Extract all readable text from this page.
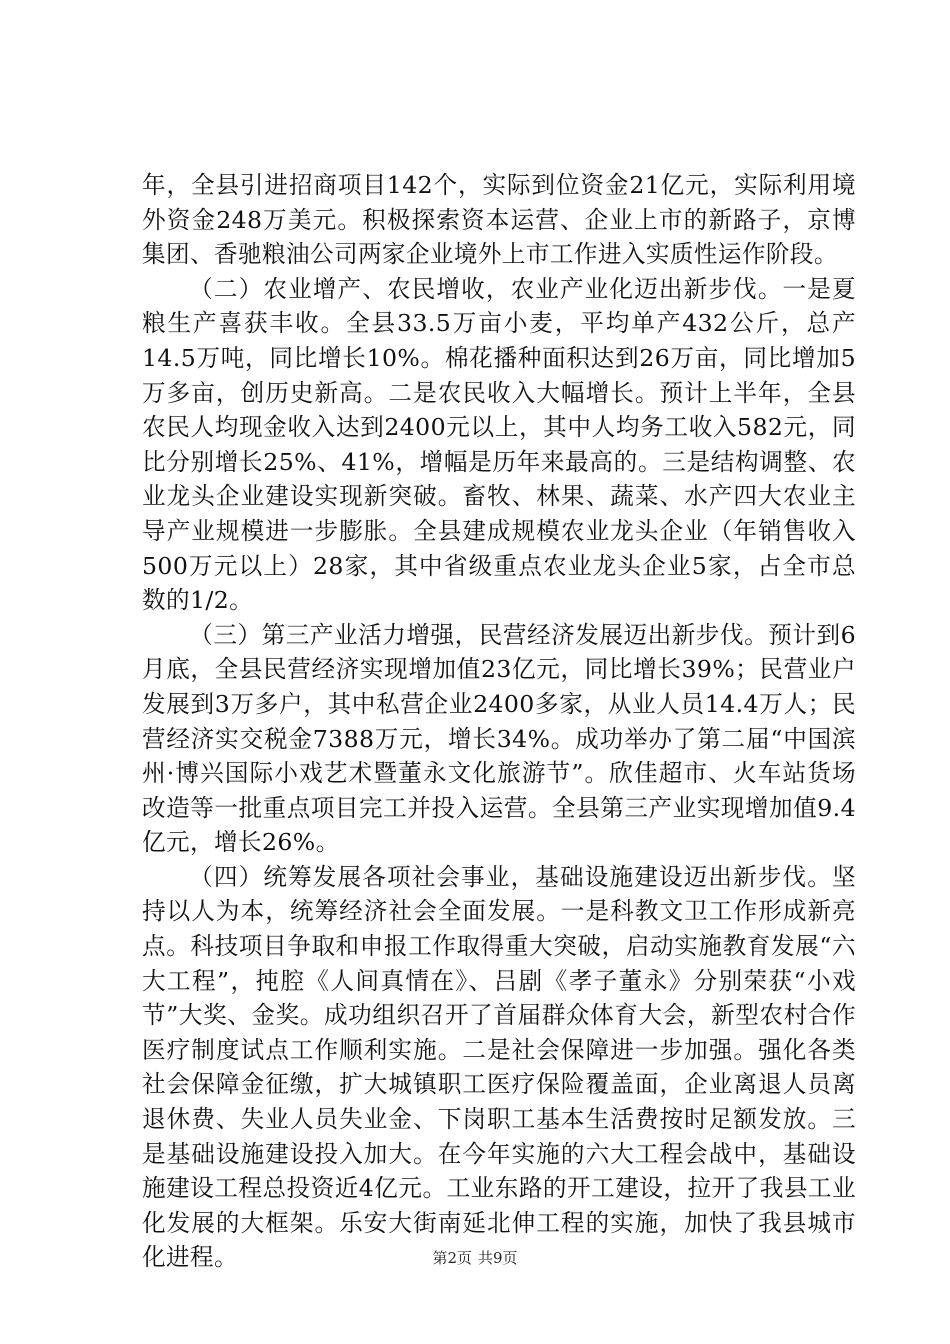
年，全县引进招商项目142个，实际到位资金21亿元，实际利用境外资金248万美元。积极探索资本运营、企业上市的新路子，京博集团、香驰粮油公司两家企业境外上市工作进入实质性运作阶段。

（二）农业增产、农民增收，农业产业化迈出新步伐。一是夏粮生产喜获丰收。全县33.5万亩小麦，平均单产432公斤，总产14.5万吨，同比增长10%。棉花播种面积达到26万亩，同比增加5万多亩，创历史新高。二是农民收入大幅增长。预计上半年，全县农民人均现金收入达到2400元以上，其中人均务工收入582元，同比分别增长25%、41%，增幅是历年来最高的。三是结构调整、农业龙头企业建设实现新突破。畜牧、林果、蔬菜、水产四大农业主导产业规模进一步膨胀。全县建成规模农业龙头企业（年销售收入500万元以上）28家，其中省级重点农业龙头企业5家，占全市总数的1/2。

（三）第三产业活力增强，民营经济发展迈出新步伐。预计到6月底，全县民营经济实现增加值23亿元，同比增长39%；民营业户发展到3万多户，其中私营企业2400多家，从业人员14.4万人；民营经济实交税金7388万元，增长34%。成功举办了第二届“中国滨州·博兴国际小戏艺术暨董永文化旅游节”。欣佳超市、火车站货场改造等一批重点项目完工并投入运营。全县第三产业实现增加值9.4亿元，增长26%。

（四）统筹发展各项社会事业，基础设施建设迈出新步伐。坚持以人为本，统筹经济社会全面发展。一是科教文卫工作形成新亮点。科技项目争取和申报工作取得重大突破，启动实施教育发展“六大工程”，扽腔《人间真情在》、吕剧《孝子董永》分别荣获“小戏节”大奖、金奖。成功组织召开了首届群众体育大会，新型农村合作医疗制度试点工作顺利实施。二是社会保障进一步加强。强化各类社会保障金征缴，扩大城镇职工医疗保险覆盖面，企业离退人员离退休费、失业人员失业金、下岗职工基本生活费按时足额发放。三是基础设施建设投入加大。在今年实施的六大工程会战中，基础设施建设工程总投资近4亿元。工业东路的开工建设，拉开了我县工业化发展的大框架。乐安大街南延北伸工程的实施，加快了我县城市化进程。	第2页 共9页
